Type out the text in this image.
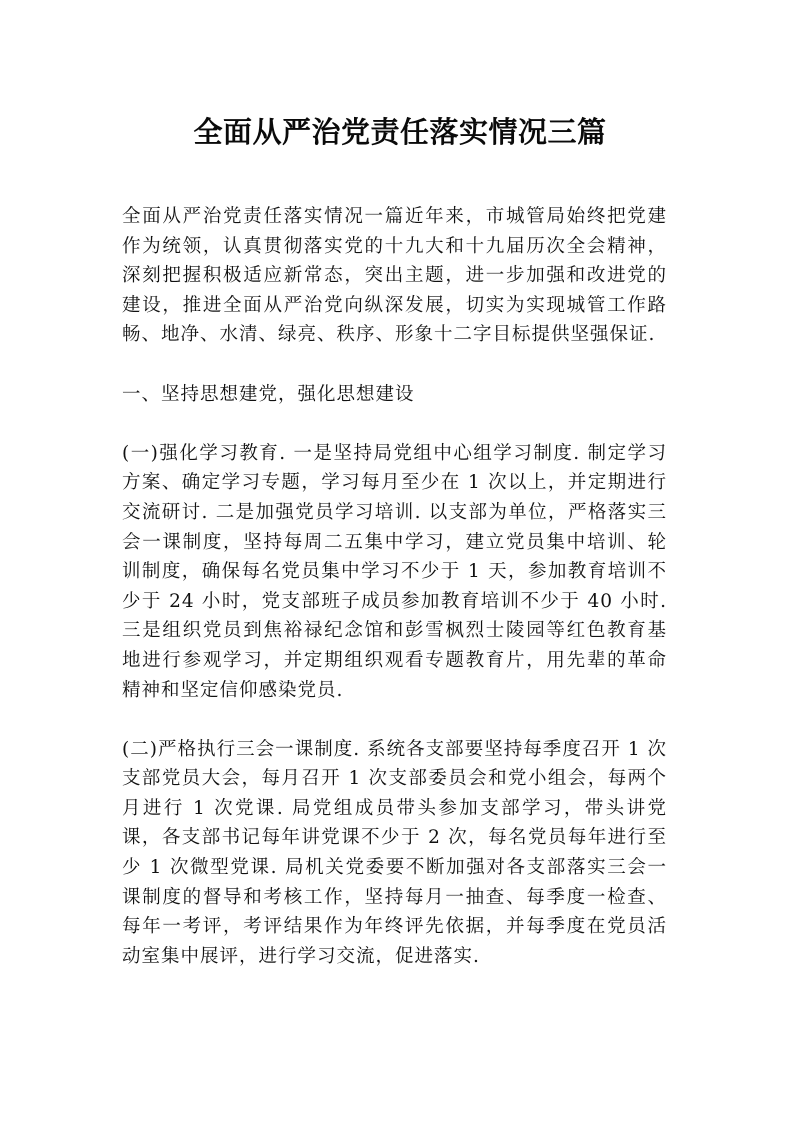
全面从严治党责任落实情况三篇

全面从严治党责任落实情况一篇近年来，市城管局始终把党建作为统领，认真贯彻落实党的十九大和十九届历次全会精神，深刻把握积极适应新常态，突出主题，进一步加强和改进党的建设，推进全面从严治党向纵深发展，切实为实现城管工作路畅、地净、水清、绿亮、秩序、形象十二字目标提供坚强保证.

一、坚持思想建党，强化思想建设

(一)强化学习教育. 一是坚持局党组中心组学习制度. 制定学习方案、确定学习专题，学习每月至少在 1 次以上，并定期进行交流研讨. 二是加强党员学习培训. 以支部为单位，严格落实三会一课制度，坚持每周二五集中学习，建立党员集中培训、轮训制度，确保每名党员集中学习不少于 1 天，参加教育培训不少于 24 小时，党支部班子成员参加教育培训不少于 40 小时. 三是组织党员到焦裕禄纪念馆和彭雪枫烈士陵园等红色教育基地进行参观学习，并定期组织观看专题教育片，用先辈的革命精神和坚定信仰感染党员.

(二)严格执行三会一课制度. 系统各支部要坚持每季度召开 1 次支部党员大会，每月召开 1 次支部委员会和党小组会，每两个月进行 1 次党课. 局党组成员带头参加支部学习，带头讲党课，各支部书记每年讲党课不少于 2 次，每名党员每年进行至少 1 次微型党课. 局机关党委要不断加强对各支部落实三会一课制度的督导和考核工作，坚持每月一抽查、每季度一检查、每年一考评，考评结果作为年终评先依据，并每季度在党员活动室集中展评，进行学习交流，促进落实.
